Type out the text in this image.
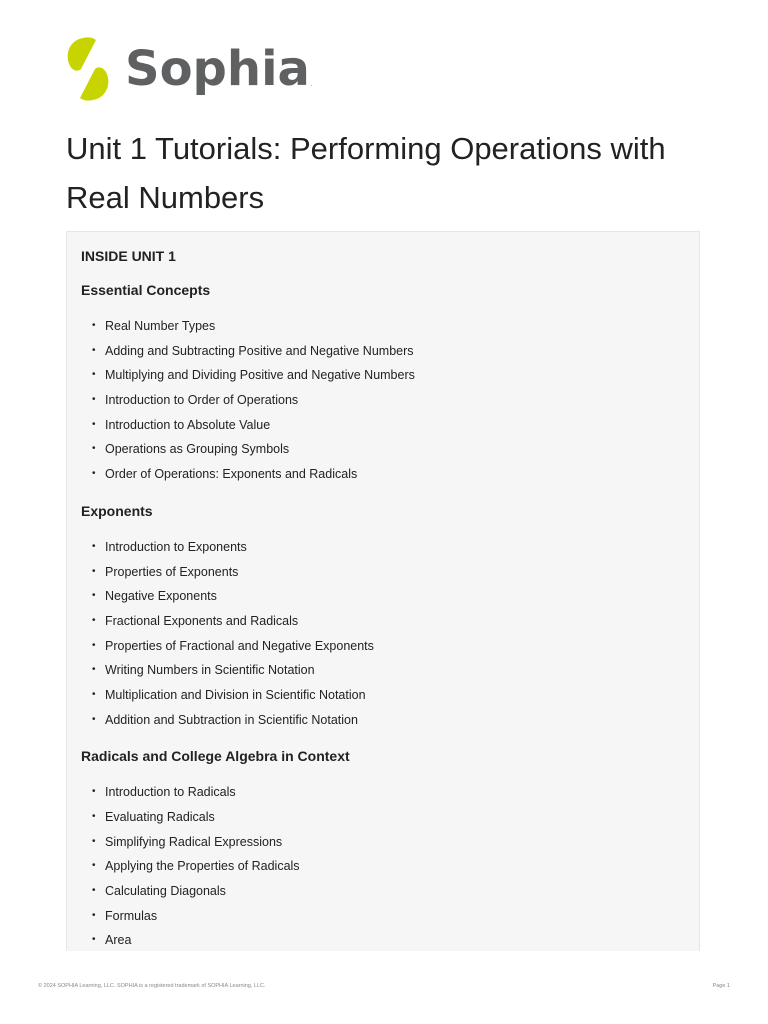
Sophia .
Unit 1 Tutorials: Performing Operations with Real Numbers
INSIDE UNIT 1
Essential Concepts
• Real Number Types
• Adding and Subtracting Positive and Negative Numbers
• Multiplying and Dividing Positive and Negative Numbers
• Introduction to Order of Operations
• Introduction to Absolute Value
• Operations as Grouping Symbols
• Order of Operations: Exponents and Radicals
Exponents
• Introduction to Exponents
• Properties of Exponents
• Negative Exponents
• Fractional Exponents and Radicals
• Properties of Fractional and Negative Exponents
• Writing Numbers in Scientific Notation
• Multiplication and Division in Scientific Notation
• Addition and Subtraction in Scientific Notation
Radicals and College Algebra in Context
• Introduction to Radicals
• Evaluating Radicals
• Simplifying Radical Expressions
• Applying the Properties of Radicals
• Calculating Diagonals
• Formulas
• Area
© 2024 SOPHIA Learning, LLC. SOPHIA is a registered trademark of SOPHIA Learning, LLC.	Page 1
